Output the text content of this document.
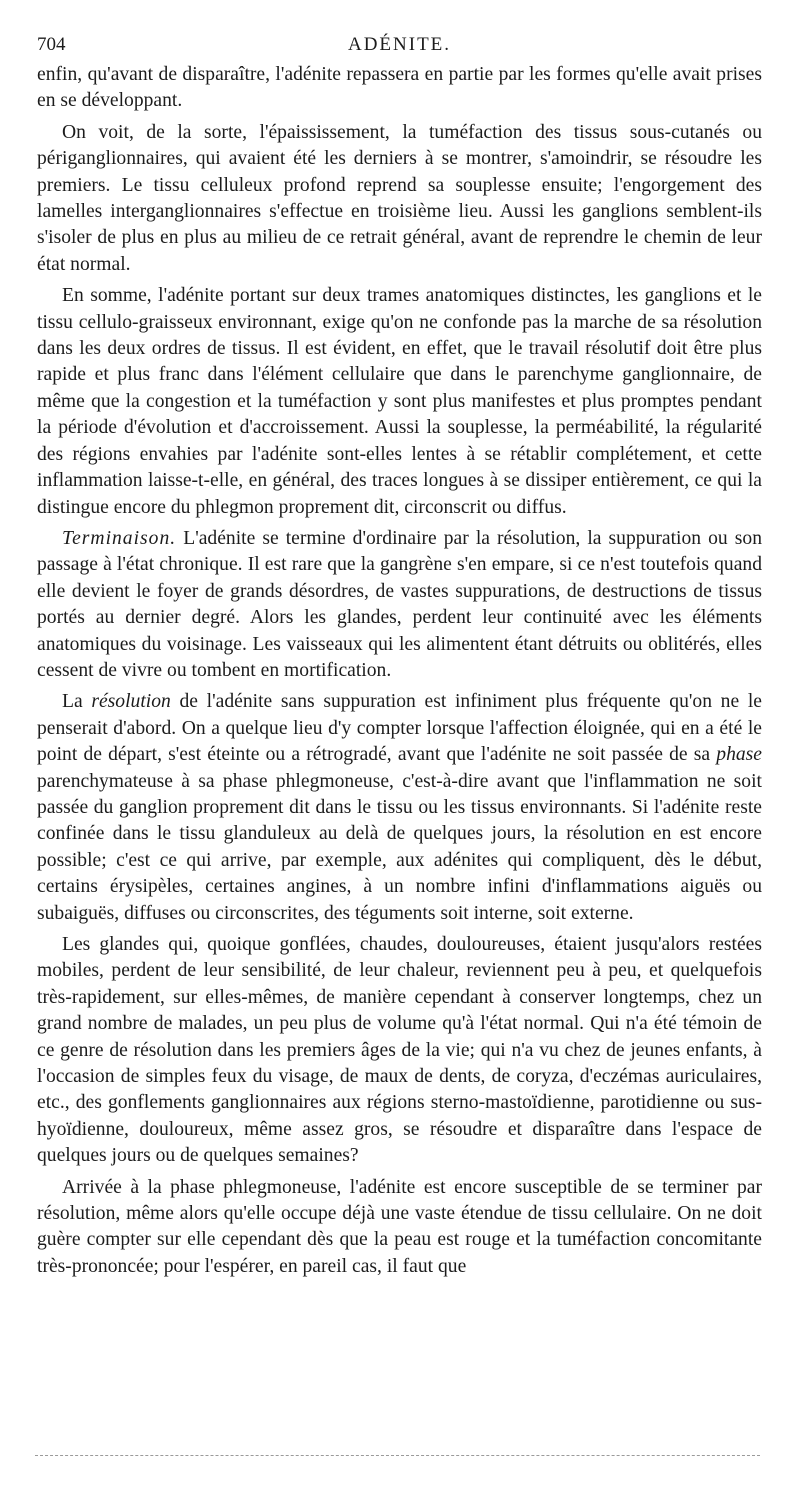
704	ADÉNITE.

enfin, qu'avant de disparaître, l'adénite repassera en partie par les formes qu'elle avait prises en se développant.

On voit, de la sorte, l'épaississement, la tuméfaction des tissus sous-cutanés ou périganglionnaires, qui avaient été les derniers à se montrer, s'amoindrir, se résoudre les premiers. Le tissu celluleux profond reprend sa souplesse ensuite; l'engorgement des lamelles interganglionnaires s'effectue en troisième lieu. Aussi les ganglions semblent-ils s'isoler de plus en plus au milieu de ce retrait général, avant de reprendre le chemin de leur état normal.

En somme, l'adénite portant sur deux trames anatomiques distinctes, les ganglions et le tissu cellulo-graisseux environnant, exige qu'on ne confonde pas la marche de sa résolution dans les deux ordres de tissus. Il est évident, en effet, que le travail résolutif doit être plus rapide et plus franc dans l'élément cellulaire que dans le parenchyme ganglionnaire, de même que la congestion et la tuméfaction y sont plus manifestes et plus promptes pendant la période d'évolution et d'accroissement. Aussi la souplesse, la perméabilité, la régularité des régions envahies par l'adénite sont-elles lentes à se rétablir complétement, et cette inflammation laisse-t-elle, en général, des traces longues à se dissiper entièrement, ce qui la distingue encore du phlegmon proprement dit, circonscrit ou diffus.

Terminaison. L'adénite se termine d'ordinaire par la résolution, la suppuration ou son passage à l'état chronique. Il est rare que la gangrène s'en empare, si ce n'est toutefois quand elle devient le foyer de grands désordres, de vastes suppurations, de destructions de tissus portés au dernier degré. Alors les glandes, perdent leur continuité avec les éléments anatomiques du voisinage. Les vaisseaux qui les alimentent étant détruits ou oblitérés, elles cessent de vivre ou tombent en mortification.

La résolution de l'adénite sans suppuration est infiniment plus fréquente qu'on ne le penserait d'abord. On a quelque lieu d'y compter lorsque l'affection éloignée, qui en a été le point de départ, s'est éteinte ou a rétrogradé, avant que l'adénite ne soit passée de sa phase parenchymateuse à sa phase phlegmoneuse, c'est-à-dire avant que l'inflammation ne soit passée du ganglion proprement dit dans le tissu ou les tissus environnants. Si l'adénite reste confinée dans le tissu glanduleux au delà de quelques jours, la résolution en est encore possible; c'est ce qui arrive, par exemple, aux adénites qui compliquent, dès le début, certains érysipèles, certaines angines, à un nombre infini d'inflammations aiguës ou subaiguës, diffuses ou circonscrites, des téguments soit interne, soit externe.

Les glandes qui, quoique gonflées, chaudes, douloureuses, étaient jusqu'alors restées mobiles, perdent de leur sensibilité, de leur chaleur, reviennent peu à peu, et quelquefois très-rapidement, sur elles-mêmes, de manière cependant à conserver longtemps, chez un grand nombre de malades, un peu plus de volume qu'à l'état normal. Qui n'a été témoin de ce genre de résolution dans les premiers âges de la vie; qui n'a vu chez de jeunes enfants, à l'occasion de simples feux du visage, de maux de dents, de coryza, d'eczémas auriculaires, etc., des gonflements ganglionnaires aux régions sterno-mastoïdienne, parotidienne ou sus-hyoïdienne, douloureux, même assez gros, se résoudre et disparaître dans l'espace de quelques jours ou de quelques semaines?

Arrivée à la phase phlegmoneuse, l'adénite est encore susceptible de se terminer par résolution, même alors qu'elle occupe déjà une vaste étendue de tissu cellulaire. On ne doit guère compter sur elle cependant dès que la peau est rouge et la tuméfaction concomitante très-prononcée; pour l'espérer, en pareil cas, il faut que
